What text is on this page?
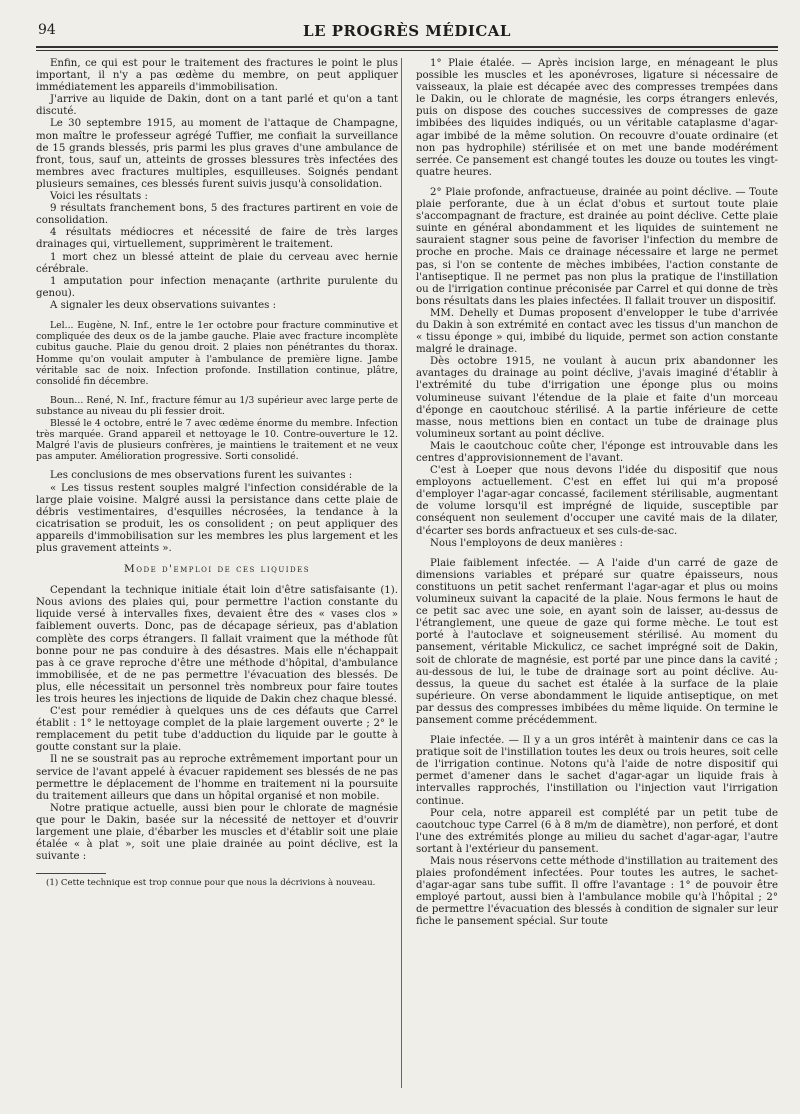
94	LE PROGRÈS MÉDICAL

Enfin, ce qui est pour le traitement des fractures le point le plus important, il n'y a pas œdème du membre, on peut appliquer immédiatement les appareils d'immobilisation.

J'arrive au liquide de Dakin, dont on a tant parlé et qu'on a tant discuté.

Le 30 septembre 1915, au moment de l'attaque de Champagne, mon maître le professeur agrégé Tuffier, me confiait la surveillance de 15 grands blessés, pris parmi les plus graves d'une ambulance de front, tous, sauf un, atteints de grosses blessures très infectées des membres avec fractures multiples, esquilleuses. Soignés pendant plusieurs semaines, ces blessés furent suivis jusqu'à consolidation.

Voici les résultats :

9 résultats franchement bons, 5 des fractures partirent en voie de consolidation.

4 résultats médiocres et nécessité de faire de très larges drainages qui, virtuellement, supprimèrent le traitement.

1 mort chez un blessé atteint de plaie du cerveau avec hernie cérébrale.

1 amputation pour infection menaçante (arthrite purulente du genou).

A signaler les deux observations suivantes :

Lel... Eugène, N. Inf., entre le 1er octobre pour fracture comminutive et compliquée des deux os de la jambe gauche. Plaie avec fracture incomplète cubitus gauche. Plaie du genou droit. 2 plaies non pénétrantes du thorax. Homme qu'on voulait amputer à l'ambulance de première ligne. Jambe véritable sac de noix. Infection profonde. Instillation continue, plâtre, consolidé fin décembre.

Boun... René, N. Inf., fracture fémur au 1/3 supérieur avec large perte de substance au niveau du pli fessier droit.

Blessé le 4 octobre, entré le 7 avec œdème énorme du membre. Infection très marquée. Grand appareil et nettoyage le 10. Contre-ouverture le 12. Malgré l'avis de plusieurs confrères, je maintiens le traitement et ne veux pas amputer. Amélioration progressive. Sorti consolidé.

Les conclusions de mes observations furent les suivantes :

« Les tissus restent souples malgré l'infection considérable de la large plaie voisine. Malgré aussi la persistance dans cette plaie de débris vestimentaires, d'esquilles nécrosées, la tendance à la cicatrisation se produit, les os consolident ; on peut appliquer des appareils d'immobilisation sur les membres les plus largement et les plus gravement atteints ».

Mode d'emploi de ces liquides

Cependant la technique initiale était loin d'être satisfaisante (1). Nous avions des plaies qui, pour permettre l'action constante du liquide versé à intervalles fixes, devaient être des « vases clos » faiblement ouverts. Donc, pas de décapage sérieux, pas d'ablation complète des corps étrangers. Il fallait vraiment que la méthode fût bonne pour ne pas conduire à des désastres. Mais elle n'échappait pas à ce grave reproche d'être une méthode d'hôpital, d'ambulance immobilisée, et de ne pas permettre l'évacuation des blessés. De plus, elle nécessitait un personnel très nombreux pour faire toutes les trois heures les injections de liquide de Dakin chez chaque blessé.

C'est pour remédier à quelques uns de ces défauts que Carrel établit : 1° le nettoyage complet de la plaie largement ouverte ; 2° le remplacement du petit tube d'adduction du liquide par le goutte à goutte constant sur la plaie.

Il ne se soustrait pas au reproche extrêmement important pour un service de l'avant appelé à évacuer rapidement ses blessés de ne pas permettre le déplacement de l'homme en traitement ni la poursuite du traitement ailleurs que dans un hôpital organisé et non mobile.

Notre pratique actuelle, aussi bien pour le chlorate de magnésie que pour le Dakin, basée sur la nécessité de nettoyer et d'ouvrir largement une plaie, d'ébarber les muscles et d'établir soit une plaie étalée « à plat », soit une plaie drainée au point déclive, est la suivante :

(1) Cette technique est trop connue pour que nous la décrivions à nouveau.

1° Plaie étalée. — Après incision large, en ménageant le plus possible les muscles et les aponévroses, ligature si nécessaire de vaisseaux, la plaie est décapée avec des compresses trempées dans le Dakin, ou le chlorate de magnésie, les corps étrangers enlevés, puis on dispose des couches successives de compresses de gaze imbibées des liquides indiqués, ou un véritable cataplasme d'agar-agar imbibé de la même solution. On recouvre d'ouate ordinaire (et non pas hydrophile) stérilisée et on met une bande modérément serrée. Ce pansement est changé toutes les douze ou toutes les vingt-quatre heures.

2° Plaie profonde, anfractueuse, drainée au point déclive. — Toute plaie perforante, due à un éclat d'obus et surtout toute plaie s'accompagnant de fracture, est drainée au point déclive. Cette plaie suinte en général abondamment et les liquides de suintement ne sauraient stagner sous peine de favoriser l'infection du membre de proche en proche. Mais ce drainage nécessaire et large ne permet pas, si l'on se contente de mèches imbibées, l'action constante de l'antiseptique. Il ne permet pas non plus la pratique de l'instillation ou de l'irrigation continue préconisée par Carrel et qui donne de très bons résultats dans les plaies infectées. Il fallait trouver un dispositif.

MM. Dehelly et Dumas proposent d'envelopper le tube d'arrivée du Dakin à son extrémité en contact avec les tissus d'un manchon de « tissu éponge » qui, imbibé du liquide, permet son action constante malgré le drainage.

Dès octobre 1915, ne voulant à aucun prix abandonner les avantages du drainage au point déclive, j'avais imaginé d'établir à l'extrémité du tube d'irrigation une éponge plus ou moins volumineuse suivant l'étendue de la plaie et faite d'un morceau d'éponge en caoutchouc stérilisé. A la partie inférieure de cette masse, nous mettions bien en contact un tube de drainage plus volumineux sortant au point déclive.

Mais le caoutchouc coûte cher, l'éponge est introuvable dans les centres d'approvisionnement de l'avant.

C'est à Loeper que nous devons l'idée du dispositif que nous employons actuellement. C'est en effet lui qui m'a proposé d'employer l'agar-agar concassé, facilement stérilisable, augmentant de volume lorsqu'il est imprégné de liquide, susceptible par conséquent non seulement d'occuper une cavité mais de la dilater, d'écarter ses bords anfractueux et ses culs-de-sac.

Nous l'employons de deux manières :

Plaie faiblement infectée. — A l'aide d'un carré de gaze de dimensions variables et préparé sur quatre épaisseurs, nous constituons un petit sachet renfermant l'agar-agar et plus ou moins volumineux suivant la capacité de la plaie. Nous fermons le haut de ce petit sac avec une soie, en ayant soin de laisser, au-dessus de l'étranglement, une queue de gaze qui forme mèche. Le tout est porté à l'autoclave et soigneusement stérilisé. Au moment du pansement, véritable Mickulicz, ce sachet imprégné soit de Dakin, soit de chlorate de magnésie, est porté par une pince dans la cavité ; au-dessous de lui, le tube de drainage sort au point déclive. Au-dessus, la queue du sachet est étalée à la surface de la plaie supérieure. On verse abondamment le liquide antiseptique, on met par dessus des compresses imbibées du même liquide. On termine le pansement comme précédemment.

Plaie infectée. — Il y a un gros intérêt à maintenir dans ce cas la pratique soit de l'instillation toutes les deux ou trois heures, soit celle de l'irrigation continue. Notons qu'à l'aide de notre dispositif qui permet d'amener dans le sachet d'agar-agar un liquide frais à intervalles rapprochés, l'instillation ou l'injection vaut l'irrigation continue.

Pour cela, notre appareil est complété par un petit tube de caoutchouc type Carrel (6 à 8 m/m de diamètre), non perforé, et dont l'une des extrémités plonge au milieu du sachet d'agar-agar, l'autre sortant à l'extérieur du pansement.

Mais nous réservons cette méthode d'instillation au traitement des plaies profondément infectées. Pour toutes les autres, le sachet-d'agar-agar sans tube suffit. Il offre l'avantage : 1° de pouvoir être employé partout, aussi bien à l'ambulance mobile qu'à l'hôpital ; 2° de permettre l'évacuation des blessés à condition de signaler sur leur fiche le pansement spécial. Sur toute
